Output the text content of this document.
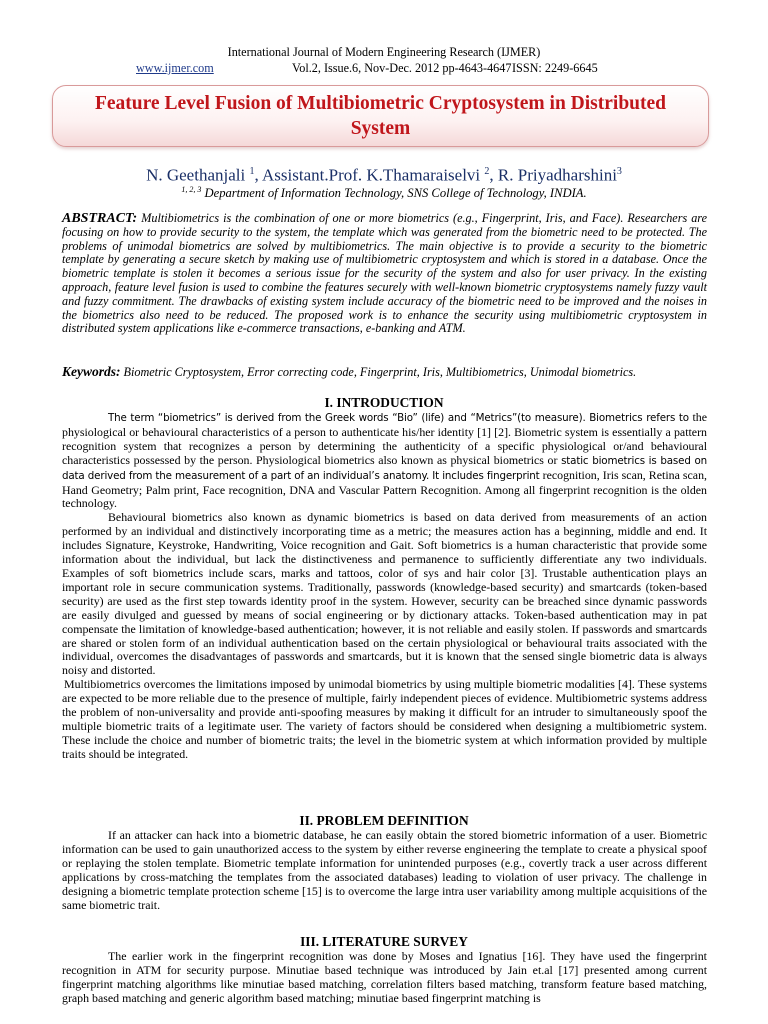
International Journal of Modern Engineering Research (IJMER)
www.ijmer.com	Vol.2, Issue.6, Nov-Dec. 2012 pp-4643-4647 ISSN: 2249-6645
Feature Level Fusion of Multibiometric Cryptosystem in Distributed
System
N. Geethanjali $^1$, Assistant.Prof. K.Thamaraiselvi $^2$, R. Priyadharshini$^3$
$^{1, 2, 3}$ Department of Information Technology, SNS College of Technology, INDIA.
ABSTRACT: Multibiometrics is the combination of one or more biometrics (e.g., Fingerprint, Iris, and Face). Researchers are focusing on how to provide security to the system, the template which was generated from the biometric need to be protected. The problems of unimodal biometrics are solved by multibiometrics. The main objective is to provide a security to the biometric template by generating a secure sketch by making use of multibiometric cryptosystem and which is stored in a database. Once the biometric template is stolen it becomes a serious issue for the security of the system and also for user privacy. In the existing approach, feature level fusion is used to combine the features securely with well-known biometric cryptosystems namely fuzzy vault and fuzzy commitment. The drawbacks of existing system include accuracy of the biometric need to be improved and the noises in the biometrics also need to be reduced. The proposed work is to enhance the security using multibiometric cryptosystem in distributed system applications like e-commerce transactions, e-banking and ATM.
Keywords: Biometric Cryptosystem, Error correcting code, Fingerprint, Iris, Multibiometrics, Unimodal biometrics.
I. INTRODUCTION

The term “biometrics” is derived from the Greek words “Bio” (life) and “Metrics”(to measure). Biometrics refers to the physiological or behavioural characteristics of a person to authenticate his/her identity [1] [2]. Biometric system is essentially a pattern recognition system that recognizes a person by determining the authenticity of a specific physiological or/and behavioural characteristics possessed by the person. Physiological biometrics also known as physical biometrics or static biometrics is based on data derived from the measurement of a part of an individual’s anatomy. It includes fingerprint recognition, Iris scan, Retina scan, Hand Geometry; Palm print, Face recognition, DNA and Vascular Pattern Recognition. Among all fingerprint recognition is the olden technology.

Behavioural biometrics also known as dynamic biometrics is based on data derived from measurements of an action performed by an individual and distinctively incorporating time as a metric; the measures action has a beginning, middle and end. It includes Signature, Keystroke, Handwriting, Voice recognition and Gait. Soft biometrics is a human characteristic that provide some information about the individual, but lack the distinctiveness and permanence to sufficiently differentiate any two individuals. Examples of soft biometrics include scars, marks and tattoos, color of sys and hair color [3]. Trustable authentication plays an important role in secure communication systems. Traditionally, passwords (knowledge-based security) and smartcards (token-based security) are used as the first step towards identity proof in the system. However, security can be breached since dynamic passwords are easily divulged and guessed by means of social engineering or by dictionary attacks. Token-based authentication may in pat compensate the limitation of knowledge-based authentication; however, it is not reliable and easily stolen. If passwords and smartcards are shared or stolen form of an individual authentication based on the certain physiological or behavioural traits associated with the individual, overcomes the disadvantages of passwords and smartcards, but it is known that the sensed single biometric data is always noisy and distorted.

Multibiometrics overcomes the limitations imposed by unimodal biometrics by using multiple biometric modalities [4]. These systems are expected to be more reliable due to the presence of multiple, fairly independent pieces of evidence. Multibiometric systems address the problem of non-universality and provide anti-spoofing measures by making it difficult for an intruder to simultaneously spoof the multiple biometric traits of a legitimate user. The variety of factors should be considered when designing a multibiometric system. These include the choice and number of biometric traits; the level in the biometric system at which information provided by multiple traits should be integrated.

II. PROBLEM DEFINITION

If an attacker can hack into a biometric database, he can easily obtain the stored biometric information of a user. Biometric information can be used to gain unauthorized access to the system by either reverse engineering the template to create a physical spoof or replaying the stolen template. Biometric template information for unintended purposes (e.g., covertly track a user across different applications by cross-matching the templates from the associated databases) leading to violation of user privacy. The challenge in designing a biometric template protection scheme [15] is to overcome the large intra user variability among multiple acquisitions of the same biometric trait.

III. LITERATURE SURVEY

The earlier work in the fingerprint recognition was done by Moses and Ignatius [16]. They have used the fingerprint recognition in ATM for security purpose. Minutiae based technique was introduced by Jain et.al [17] presented among current fingerprint matching algorithms like minutiae based matching, correlation filters based matching, transform feature based matching, graph based matching and generic algorithm based matching; minutiae based fingerprint matching is
